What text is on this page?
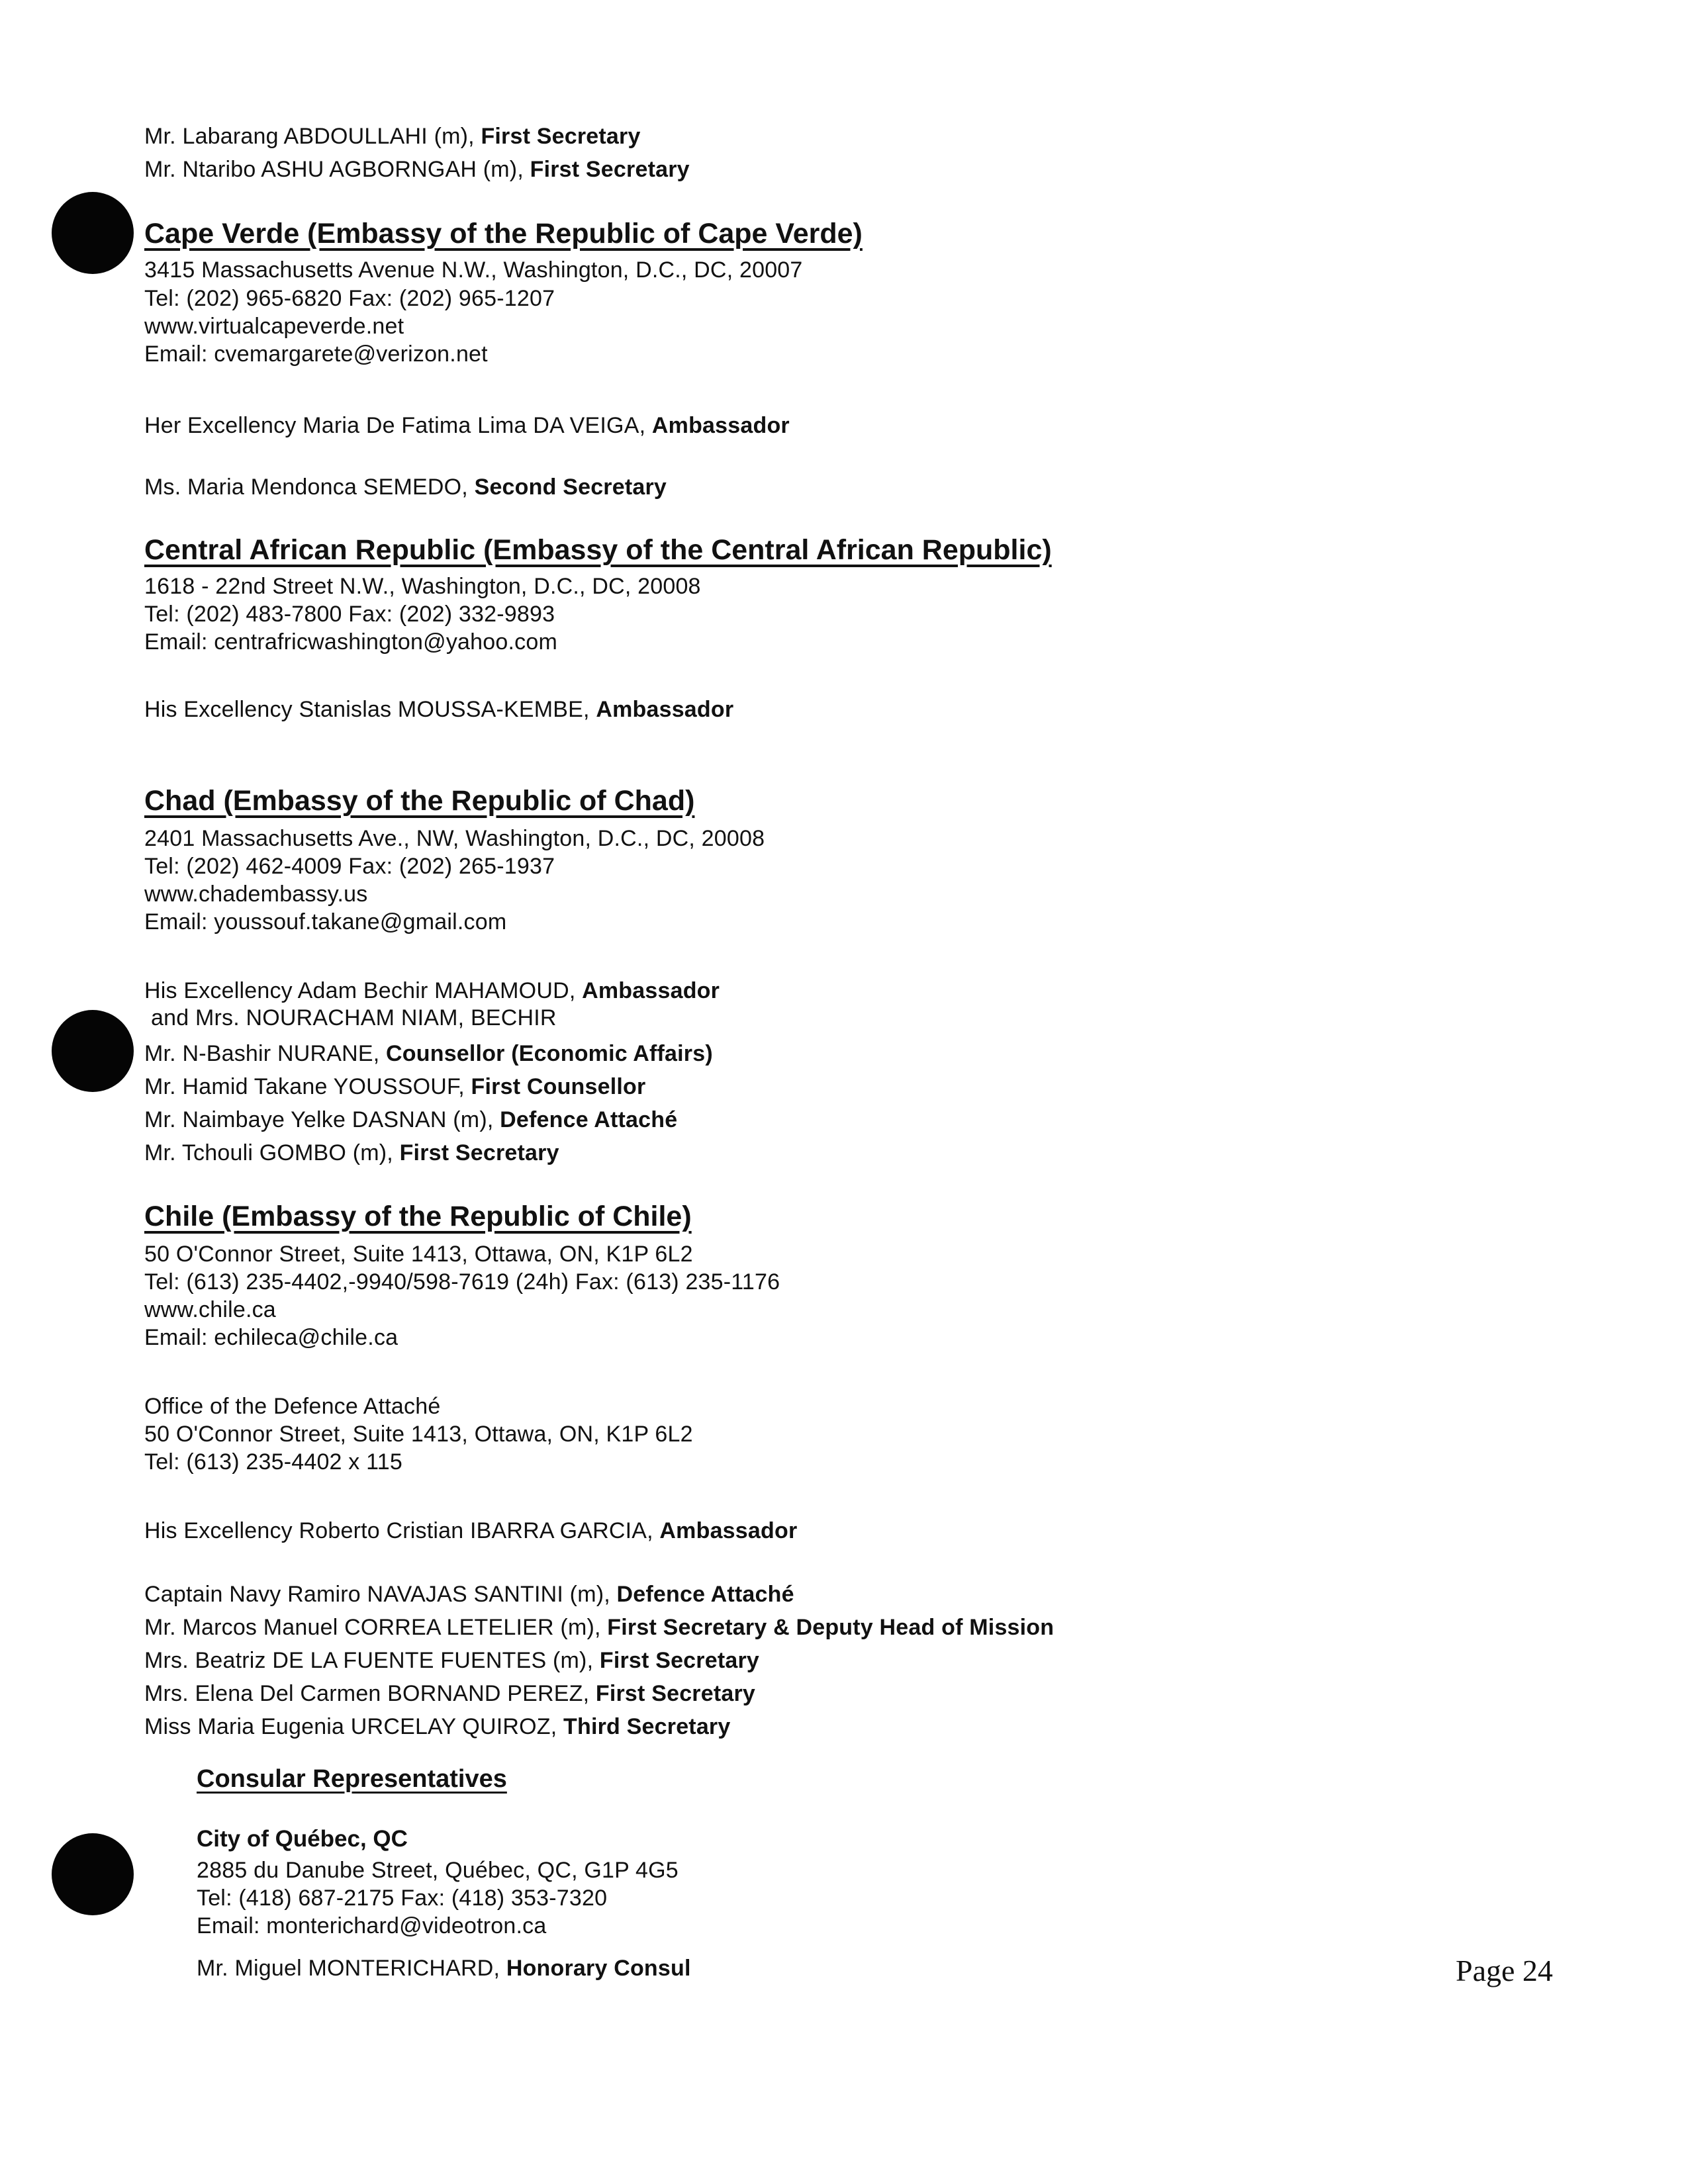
Mr. Labarang ABDOULLAHI (m), First Secretary
Mr. Ntaribo ASHU AGBORNGAH (m), First Secretary
Cape Verde (Embassy of the Republic of Cape Verde)
3415 Massachusetts Avenue N.W., Washington, D.C., DC, 20007
Tel: (202) 965-6820 Fax: (202) 965-1207
www.virtualcapeverde.net
Email: cvemargarete@verizon.net
Her Excellency Maria De Fatima Lima DA VEIGA, Ambassador
Ms. Maria Mendonca SEMEDO, Second Secretary
Central African Republic (Embassy of the Central African Republic)
1618 - 22nd Street N.W., Washington, D.C., DC, 20008
Tel: (202) 483-7800 Fax: (202) 332-9893
Email: centrafricwashington@yahoo.com
His Excellency Stanislas MOUSSA-KEMBE, Ambassador
Chad (Embassy of the Republic of Chad)
2401 Massachusetts Ave., NW, Washington, D.C., DC, 20008
Tel: (202) 462-4009 Fax: (202) 265-1937
www.chadembassy.us
Email: youssouf.takane@gmail.com
His Excellency Adam Bechir MAHAMOUD, Ambassador
and Mrs. NOURACHAM NIAM, BECHIR
Mr. N-Bashir NURANE, Counsellor (Economic Affairs)
Mr. Hamid Takane YOUSSOUF, First Counsellor
Mr. Naimbaye Yelke DASNAN (m), Defence Attaché
Mr. Tchouli GOMBO (m), First Secretary
Chile (Embassy of the Republic of Chile)
50 O'Connor Street, Suite 1413, Ottawa, ON, K1P 6L2
Tel: (613) 235-4402,-9940/598-7619 (24h) Fax: (613) 235-1176
www.chile.ca
Email: echileca@chile.ca
Office of the Defence Attaché
50 O'Connor Street, Suite 1413, Ottawa, ON, K1P 6L2
Tel: (613) 235-4402 x 115
His Excellency Roberto Cristian IBARRA GARCIA, Ambassador
Captain Navy Ramiro NAVAJAS SANTINI (m), Defence Attaché
Mr. Marcos Manuel CORREA LETELIER (m), First Secretary & Deputy Head of Mission
Mrs. Beatriz DE LA FUENTE FUENTES (m), First Secretary
Mrs. Elena Del Carmen BORNAND PEREZ, First Secretary
Miss Maria Eugenia URCELAY QUIROZ, Third Secretary
Consular Representatives
City of Québec, QC
2885 du Danube Street, Québec, QC, G1P 4G5
Tel: (418) 687-2175 Fax: (418) 353-7320
Email: monterichard@videotron.ca
Mr. Miguel MONTERICHARD, Honorary Consul	Page 24
